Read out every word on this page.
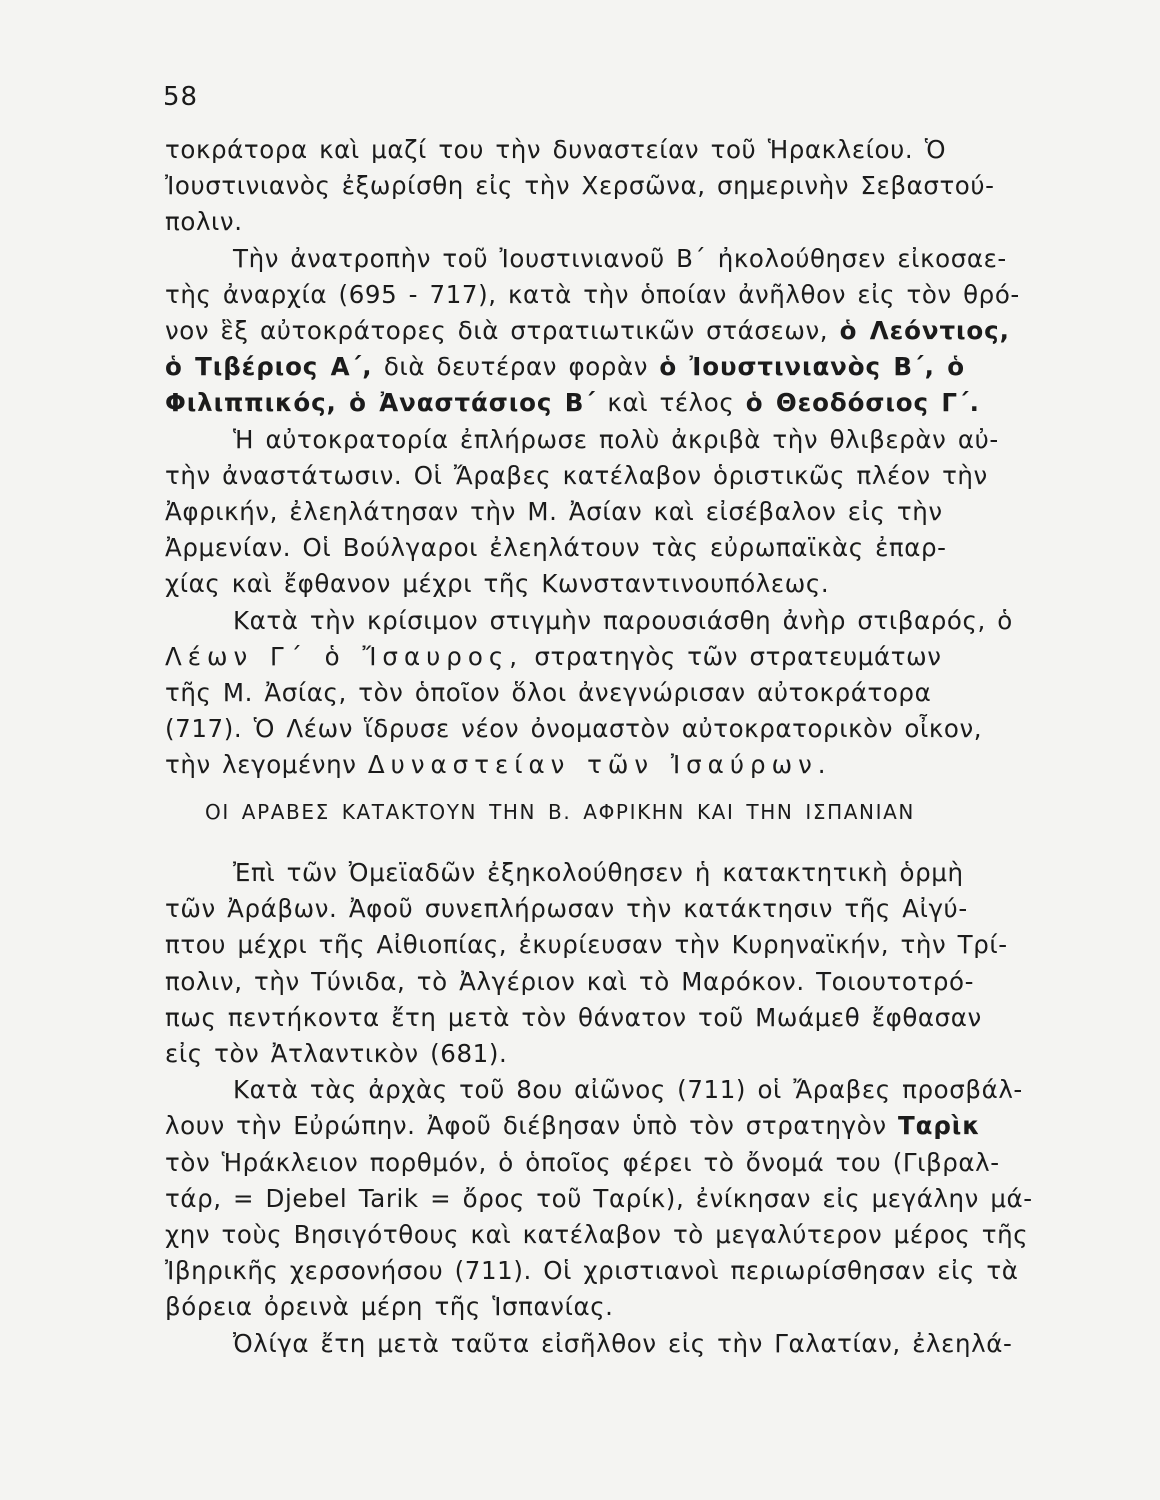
58
τοκράτορα καὶ μαζί του τὴν δυναστείαν τοῦ Ἡρακλείου. Ὁ
Ἰουστινιανὸς ἐξωρίσθη εἰς τὴν Χερσῶνα, σημερινὴν Σεβαστού-
πολιν.
Τὴν ἀνατροπὴν τοῦ Ἰουστινιανοῦ Β΄ ἠκολούθησεν εἰκοσαε-
τὴς ἀναρχία (695 - 717), κατὰ τὴν ὁποίαν ἀνῆλθον εἰς τὸν θρό-
νον ἓξ αὐτοκράτορες διὰ στρατιωτικῶν στάσεων, ὁ Λεόντιος,
ὁ Τιβέριος Α΄, διὰ δευτέραν φορὰν ὁ Ἰουστινιανὸς Β΄, ὁ
Φιλιππικός, ὁ Ἀναστάσιος Β΄ καὶ τέλος ὁ Θεοδόσιος Γ΄.
Ἡ αὐτοκρατορία ἐπλήρωσε πολὺ ἀκριβὰ τὴν θλιβερὰν αὐ-
τὴν ἀναστάτωσιν. Οἱ Ἄραβες κατέλαβον ὁριστικῶς πλέον τὴν
Ἀφρικήν, ἐλεηλάτησαν τὴν Μ. Ἀσίαν καὶ εἰσέβαλον εἰς τὴν
Ἀρμενίαν. Οἱ Βούλγαροι ἐλεηλάτουν τὰς εὐρωπαϊκὰς ἐπαρ-
χίας καὶ ἔφθανον μέχρι τῆς Κωνσταντινουπόλεως.
Κατὰ τὴν κρίσιμον στιγμὴν παρουσιάσθη ἀνὴρ στιβαρός, ὁ
Λέων Γ΄ ὁ Ἴσαυρος, στρατηγὸς τῶν στρατευμάτων
τῆς Μ. Ἀσίας, τὸν ὁποῖον ὅλοι ἀνεγνώρισαν αὐτοκράτορα
(717). Ὁ Λέων ἵδρυσε νέον ὀνομαστὸν αὐτοκρατορικὸν οἶκον,
τὴν λεγομένην Δυναστείαν τῶν Ἰσαύρων.
ΟΙ ΑΡΑΒΕΣ ΚΑΤΑΚΤΟΥΝ ΤΗΝ Β. ΑΦΡΙΚΗΝ ΚΑΙ ΤΗΝ ΙΣΠΑΝΙΑΝ
Ἐπὶ τῶν Ὀμεϊαδῶν ἐξηκολούθησεν ἡ κατακτητικὴ ὁρμὴ
τῶν Ἀράβων. Ἀφοῦ συνεπλήρωσαν τὴν κατάκτησιν τῆς Αἰγύ-
πτου μέχρι τῆς Αἰθιοπίας, ἐκυρίευσαν τὴν Κυρηναϊκήν, τὴν Τρί-
πολιν, τὴν Τύνιδα, τὸ Ἀλγέριον καὶ τὸ Μαρόκον. Τοιουτοτρό-
πως πεντήκοντα ἔτη μετὰ τὸν θάνατον τοῦ Μωάμεθ ἔφθασαν
εἰς τὸν Ἀτλαντικὸν (681).
Κατὰ τὰς ἀρχὰς τοῦ 8ου αἰῶνος (711) οἱ Ἄραβες προσβάλ-
λουν τὴν Εὐρώπην. Ἀφοῦ διέβησαν ὑπὸ τὸν στρατηγὸν Ταρὶκ
τὸν Ἡράκλειον πορθμόν, ὁ ὁποῖος φέρει τὸ ὄνομά του (Γιβραλ-
τάρ, = Djebel Tarik = ὄρος τοῦ Ταρίκ), ἐνίκησαν εἰς μεγάλην μά-
χην τοὺς Βησιγότθους καὶ κατέλαβον τὸ μεγαλύτερον μέρος τῆς
Ἰβηρικῆς χερσονήσου (711). Οἱ χριστιανοὶ περιωρίσθησαν εἰς τὰ
βόρεια ὀρεινὰ μέρη τῆς Ἱσπανίας.
Ὀλίγα ἔτη μετὰ ταῦτα εἰσῆλθον εἰς τὴν Γαλατίαν, ἐλεηλά-
